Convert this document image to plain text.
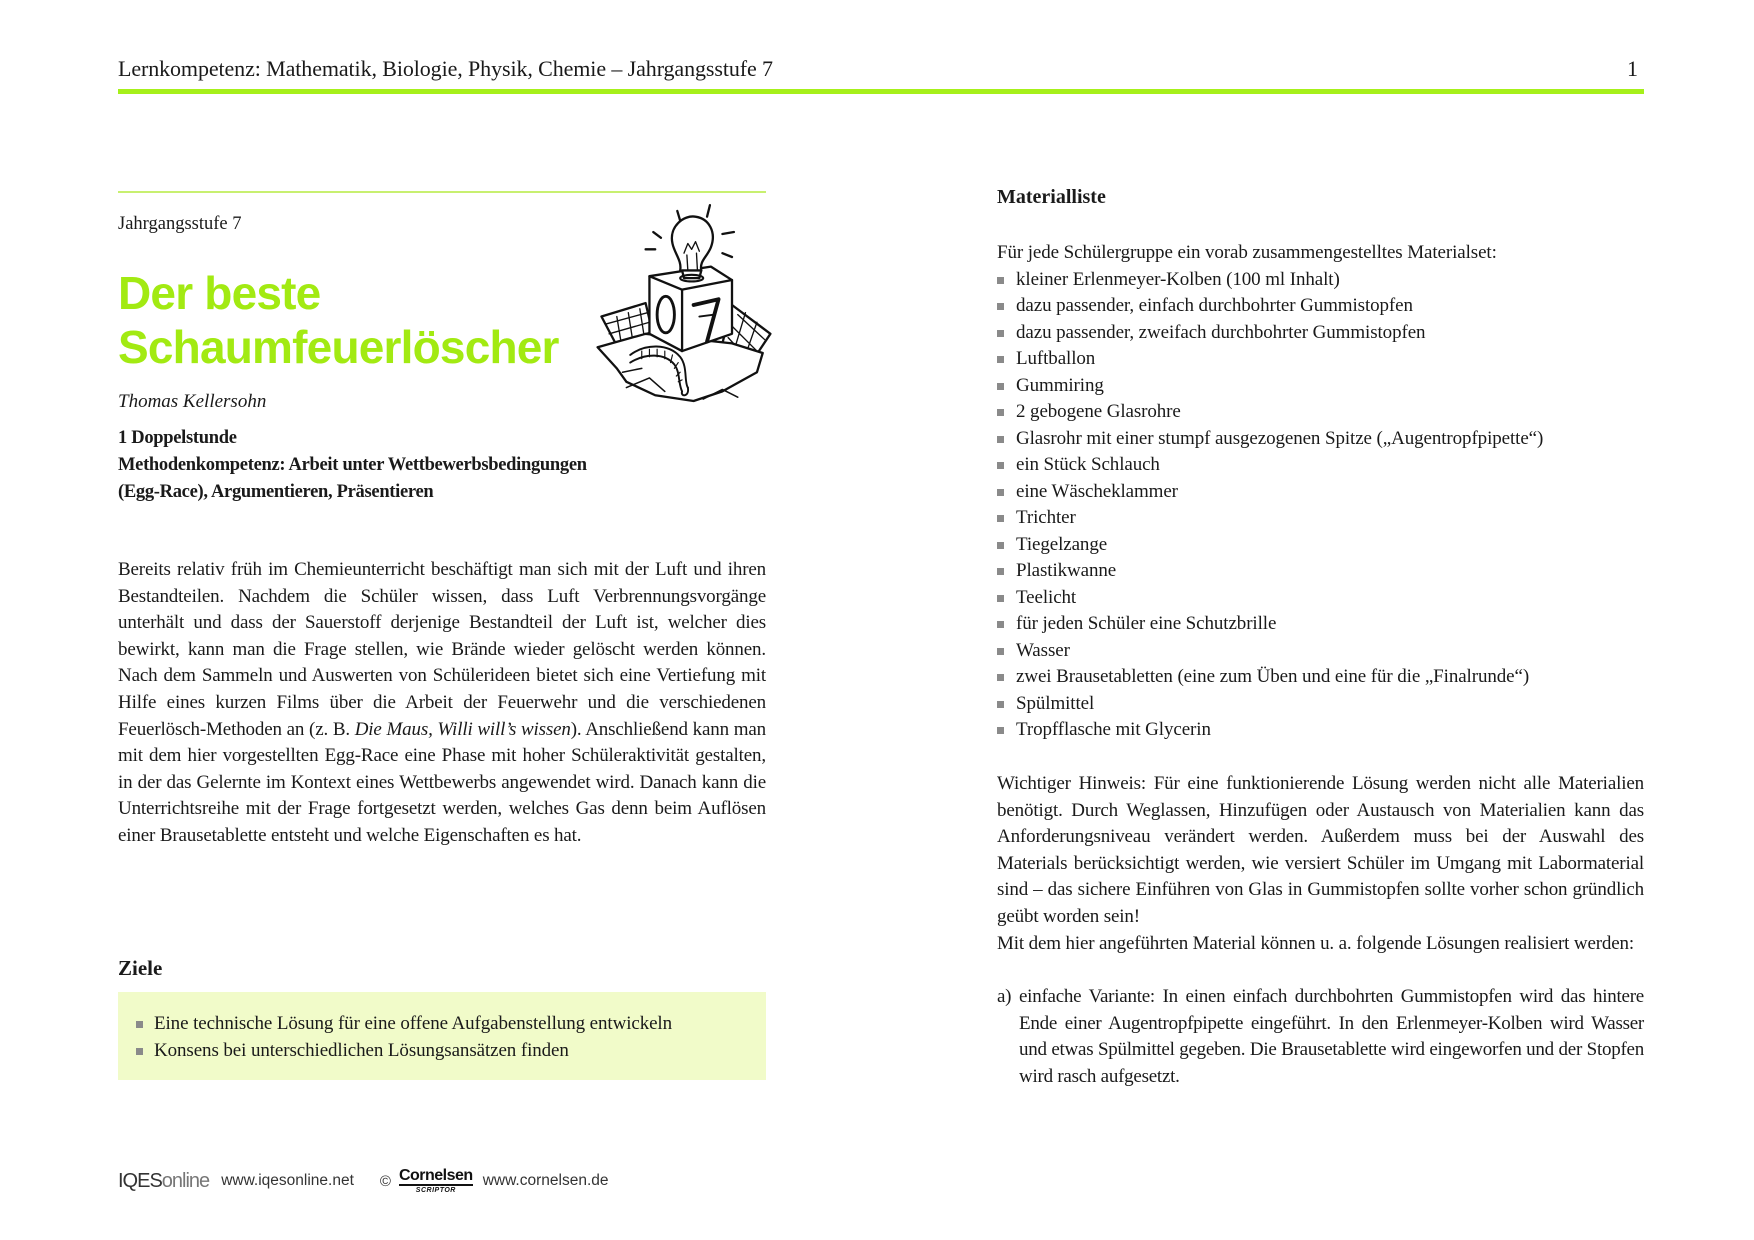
Lernkompetenz: Mathematik, Biologie, Physik, Chemie – Jahrgangsstufe 7	1
Jahrgangsstufe 7
Der beste
Schaumfeuerlöscher
Thomas Kellersohn
1 Doppelstunde
Methodenkompetenz: Arbeit unter Wettbewerbsbedingungen
(Egg-Race), Argumentieren, Präsentieren
Bereits relativ früh im Chemieunterricht beschäftigt man sich mit der Luft und ihren Bestandteilen. Nachdem die Schüler wissen, dass Luft Verbrennungsvorgänge unterhält und dass der Sauerstoff derjenige Bestandteil der Luft ist, welcher dies bewirkt, kann man die Frage stellen, wie Brände wieder gelöscht werden können. Nach dem Sammeln und Auswerten von Schülerideen bietet sich eine Vertiefung mit Hilfe eines kurzen Films über die Arbeit der Feuerwehr und die verschiedenen Feuerlösch-Methoden an (z. B. Die Maus, Willi will’s wissen). Anschließend kann man mit dem hier vorgestellten Egg-Race eine Phase mit hoher Schüleraktivität gestalten, in der das Gelernte im Kontext eines Wettbewerbs angewendet wird. Danach kann die Unterrichtsreihe mit der Frage fortgesetzt werden, welches Gas denn beim Auflösen einer Brausetablette entsteht und welche Eigenschaften es hat.
Ziele
Eine technische Lösung für eine offene Aufgabenstellung entwickeln
Konsens bei unterschiedlichen Lösungsansätzen finden
IQESonline www.iqesonline.net © Cornelsen
SCRIPTOR
www.cornelsen.de
Materialliste
Für jede Schülergruppe ein vorab zusammengestelltes Materialset:
kleiner Erlenmeyer-Kolben (100 ml Inhalt)
dazu passender, einfach durchbohrter Gummistopfen
dazu passender, zweifach durchbohrter Gummistopfen
Luftballon
Gummiring
2 gebogene Glasrohre
Glasrohr mit einer stumpf ausgezogenen Spitze („Augentropfpipette“)
ein Stück Schlauch
eine Wäscheklammer
Trichter
Tiegelzange
Plastikwanne
Teelicht
für jeden Schüler eine Schutzbrille
Wasser
zwei Brausetabletten (eine zum Üben und eine für die „Finalrunde“)
Spülmittel
Tropfflasche mit Glycerin

Wichtiger Hinweis: Für eine funktionierende Lösung werden nicht alle Materialien benötigt. Durch Weglassen, Hinzufügen oder Austausch von Materialien kann das Anforderungsniveau verändert werden. Außerdem muss bei der Auswahl des Materials berücksichtigt werden, wie versiert Schüler im Umgang mit Labormaterial sind – das sichere Einführen von Glas in Gummistopfen sollte vorher schon gründlich geübt worden sein!

Mit dem hier angeführten Material können u. a. folgende Lösungen realisiert werden:

a) einfache Variante: In einen einfach durchbohrten Gummistopfen wird das hintere Ende einer Augentropfpipette eingeführt. In den Erlenmeyer-Kolben wird Wasser und etwas Spülmittel gegeben. Die Brausetablette wird eingeworfen und der Stopfen wird rasch aufgesetzt.
